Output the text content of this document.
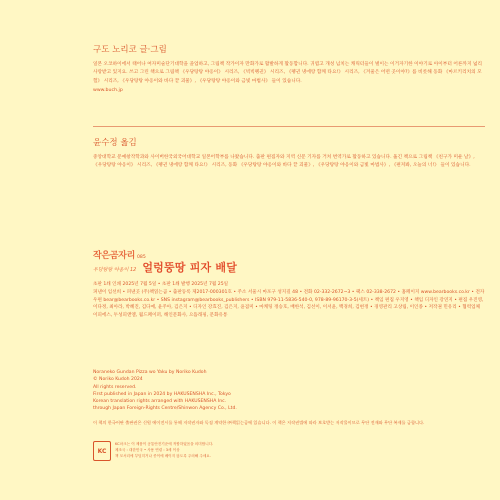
구도 노리코 글·그림

일본 오코하이에서 태어나 여자미술단기대학을 졸업하고, 그림책 작가이자 만화가로 활발하게 활동합니다. 귀엽고 개성 넘치는 캐릭터들이 벌이는 이거자기한 이야기로 아이부터 어른까지 넓리 사랑받고 있지요. 쓰고 그린 책으로 그림책 《우당탕탕 야옹이》 시리즈, 《빅빅펭귄》 시리즈, 《펭귄 냉에랑 함께 타요!》 시리즈, 《겨울은 어떤 곳이야?》를 비롯해 동화 《마르키리치의 모험》 시리즈, 《우당탕탕 야옹이와 바다 끝 괴물》, 《우당탕탕 야옹이와 금빛 마법사》 들이 있습니다.

www.buch.jp

윤수정 옮김

중앙대학교 문예창작학과와 사이버한국외국어대학교 일본어학부를 나왔습니다. 출판 편집자와 지역 신문 기자를 거쳐 번역가로 활동하고 있습니다. 옮긴 책으로 그림책 《친구가 미운 날》, 《우당탕탕 야옹이》 시리즈, 《펭귄 냉에랑 함께 타요!》 시리즈, 동화 《우당탕탕 야옹이와 바다 끝 괴물》, 《우당탕탕 야옹이와 금빛 마법사》, 《편져봐, 오늘의 너!》 들이 있습니다.

작은곰자리 085
우당탕탕 야옹이 12 얼렁뚱땅 피자 배달

초판 1쇄 인쇄 2025년 7월 5일 • 초판 1쇄 발행 2025년 7월 25일

펴낸이 임선희 • 펴낸곳 (주)책읽는곰 • 출판등록 제2017-000301호 • 주소 서울시 마포구 성지길 48 • 전화 02-332-2672~3 • 팩스 02-338-2672 • 홈페이지 www.bearbooks.co.kr • 전자우편 bear@bearbooks.co.kr • SNS instagram@bearbooks_publishers • ISBN 979-11-5836-540-0, 978-89-96170-3-5(세트) • 책임 편집 우지영 • 책임 디자인 강연지 • 편집 우진영, 이다정, 최아라, 박혜진, 김다예, 윤주아, 김은지 • 디자인 강효진, 김은지, 윤겸미 • 마케팅 정승호, 배한석, 김선이, 이서윤, 백경희, 김현정 • 경영관리 고상림, 이인종 • 저작권 민유리 • 협력업체 이피에스, 두성피앤엘, 월드페이퍼, 해인문화사, 으뜸래핑, 문화유통

Noraneko Gundan Pizza wo Yaku by Noriko Kudoh

© Noriko Kudoh 2024

All rights reserved.

First published in Japan in 2024 by HAKUSENSHA Inc., Tokyo

Korean translation rights arranged with HAKUSENSHA Inc.

through Japan Foreign-Rights Centre/Shinwon Agency Co., Ltd.

이 책의 한국어판 출판권은 신원 에이전시를 통해 저작권자와 독점 계약한 ㈜책읽는곰에 있습니다. 이 책은 저작권법에 따라 보호받는 저작물이므로 무단 전재와 무단 복제를 금합니다.
KC

KC마크는 이 제품이 공통안전기준에 적합하였음을 의미합니다.

제조국 : 대한민국 • 사용 연령 : 3세 이상

책 모서리에 부딪히거나 종이에 베이지 않도록 주의해 주세요.
